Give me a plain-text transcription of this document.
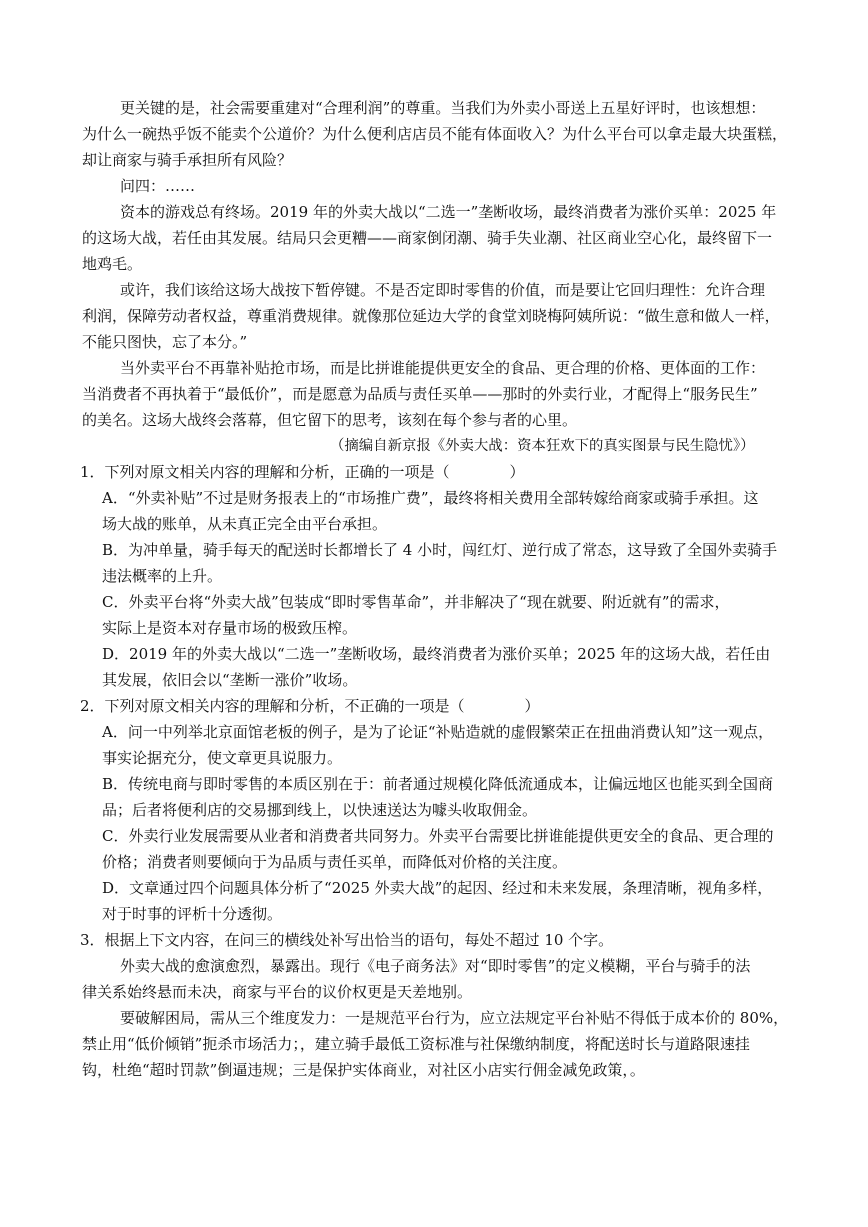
更关键的是，社会需要重建对“合理利润”的尊重。当我们为外卖小哥送上五星好评时，也该想想：
为什么一碗热乎饭不能卖个公道价？为什么便利店店员不能有体面收入？为什么平台可以拿走最大块蛋糕，
却让商家与骑手承担所有风险？
问四：……
资本的游戏总有终场。2019 年的外卖大战以“二选一”垄断收场，最终消费者为涨价买单：2025 年
的这场大战，若任由其发展。结局只会更糟——商家倒闭潮、骑手失业潮、社区商业空心化，最终留下一
地鸡毛。
或许，我们该给这场大战按下暂停键。不是否定即时零售的价值，而是要让它回归理性：允许合理
利润，保障劳动者权益，尊重消费规律。就像那位延边大学的食堂刘晓梅阿姨所说：“做生意和做人一样，
不能只图快，忘了本分。”
当外卖平台不再靠补贴抢市场，而是比拼谁能提供更安全的食品、更合理的价格、更体面的工作：
当消费者不再执着于“最低价”，而是愿意为品质与责任买单——那时的外卖行业，才配得上“服务民生”
的美名。这场大战终会落幕，但它留下的思考，该刻在每个参与者的心里。
（摘编自新京报《外卖大战：资本狂欢下的真实图景与民生隐忧》）
1．下列对原文相关内容的理解和分析，正确的一项是（　　　　）
A．“外卖补贴”不过是财务报表上的“市场推广费”，最终将相关费用全部转嫁给商家或骑手承担。这
场大战的账单，从未真正完全由平台承担。
B．为冲单量，骑手每天的配送时长都增长了 4 小时，闯红灯、逆行成了常态，这导致了全国外卖骑手
违法概率的上升。
C．外卖平台将“外卖大战”包装成“即时零售革命”，并非解决了“现在就要、附近就有”的需求，
实际上是资本对存量市场的极致压榨。
D．2019 年的外卖大战以“二选一”垄断收场，最终消费者为涨价买单；2025 年的这场大战，若任由
其发展，依旧会以“垄断一涨价”收场。
2．下列对原文相关内容的理解和分析，不正确的一项是（　　　　）
A．问一中列举北京面馆老板的例子，是为了论证“补贴造就的虚假繁荣正在扭曲消费认知”这一观点，
事实论据充分，使文章更具说服力。
B．传统电商与即时零售的本质区别在于：前者通过规模化降低流通成本，让偏远地区也能买到全国商
品；后者将便利店的交易挪到线上，以快速送达为噱头收取佣金。
C．外卖行业发展需要从业者和消费者共同努力。外卖平台需要比拼谁能提供更安全的食品、更合理的
价格；消费者则要倾向于为品质与责任买单，而降低对价格的关注度。
D．文章通过四个问题具体分析了“2025 外卖大战”的起因、经过和未来发展，条理清晰，视角多样，
对于时事的评析十分透彻。
3．根据上下文内容，在问三的横线处补写出恰当的语句，每处不超过 10 个字。
外卖大战的愈演愈烈，暴露出。现行《电子商务法》对“即时零售”的定义模糊，平台与骑手的法
律关系始终悬而未决，商家与平台的议价权更是天差地别。
要破解困局，需从三个维度发力：一是规范平台行为，应立法规定平台补贴不得低于成本价的 80%，
禁止用“低价倾销”扼杀市场活力；，建立骑手最低工资标准与社保缴纳制度，将配送时长与道路限速挂
钩，杜绝“超时罚款”倒逼违规；三是保护实体商业，对社区小店实行佣金减免政策，。
